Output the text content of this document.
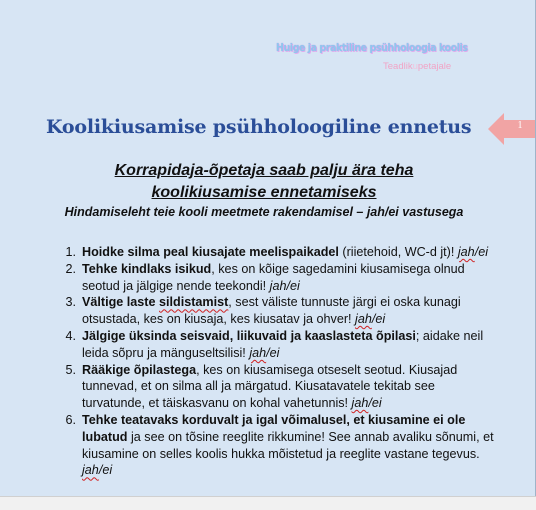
Huige ja praktiline psühholoogia koolis
Teadlikupetajale
Koolikiusamise psühholoogiline ennetus	1
Korrapidaja-õpetaja saab palju ära teha
koolikiusamise ennetamiseks
Hindamiseleht teie kooli meetmete rakendamisel – jah/ei vastusega
1. Hoidke silma peal kiusajate meelispaikadel (riietehoid, WC-d jt)! jah/ei
2. Tehke kindlaks isikud, kes on kõige sagedamini kiusamisega olnud seotud ja jälgige nende teekondi! jah/ei
3. Vältige laste sildistamist, sest väliste tunnuste järgi ei oska kunagi otsustada, kes on kiusaja, kes kiusatav ja ohver! jah/ei
4. Jälgige üksinda seisvaid, liikuvaid ja kaaslasteta õpilasi; aidake neil leida sõpru ja mänguseltsilisi! jah/ei
5. Rääkige õpilastega, kes on kiusamisega otseselt seotud. Kiusajad tunnevad, et on silma all ja märgatud. Kiusatavatele tekitab see turvatunde, et täiskasvanu on kohal vahetunnis! jah/ei
6. Tehke teatavaks korduvalt ja igal võimalusel, et kiusamine ei ole lubatud ja see on tõsine reeglite rikkumine! See annab avaliku sõnumi, et kiusamine on selles koolis hukka mõistetud ja reeglite vastane tegevus. jah/ei
